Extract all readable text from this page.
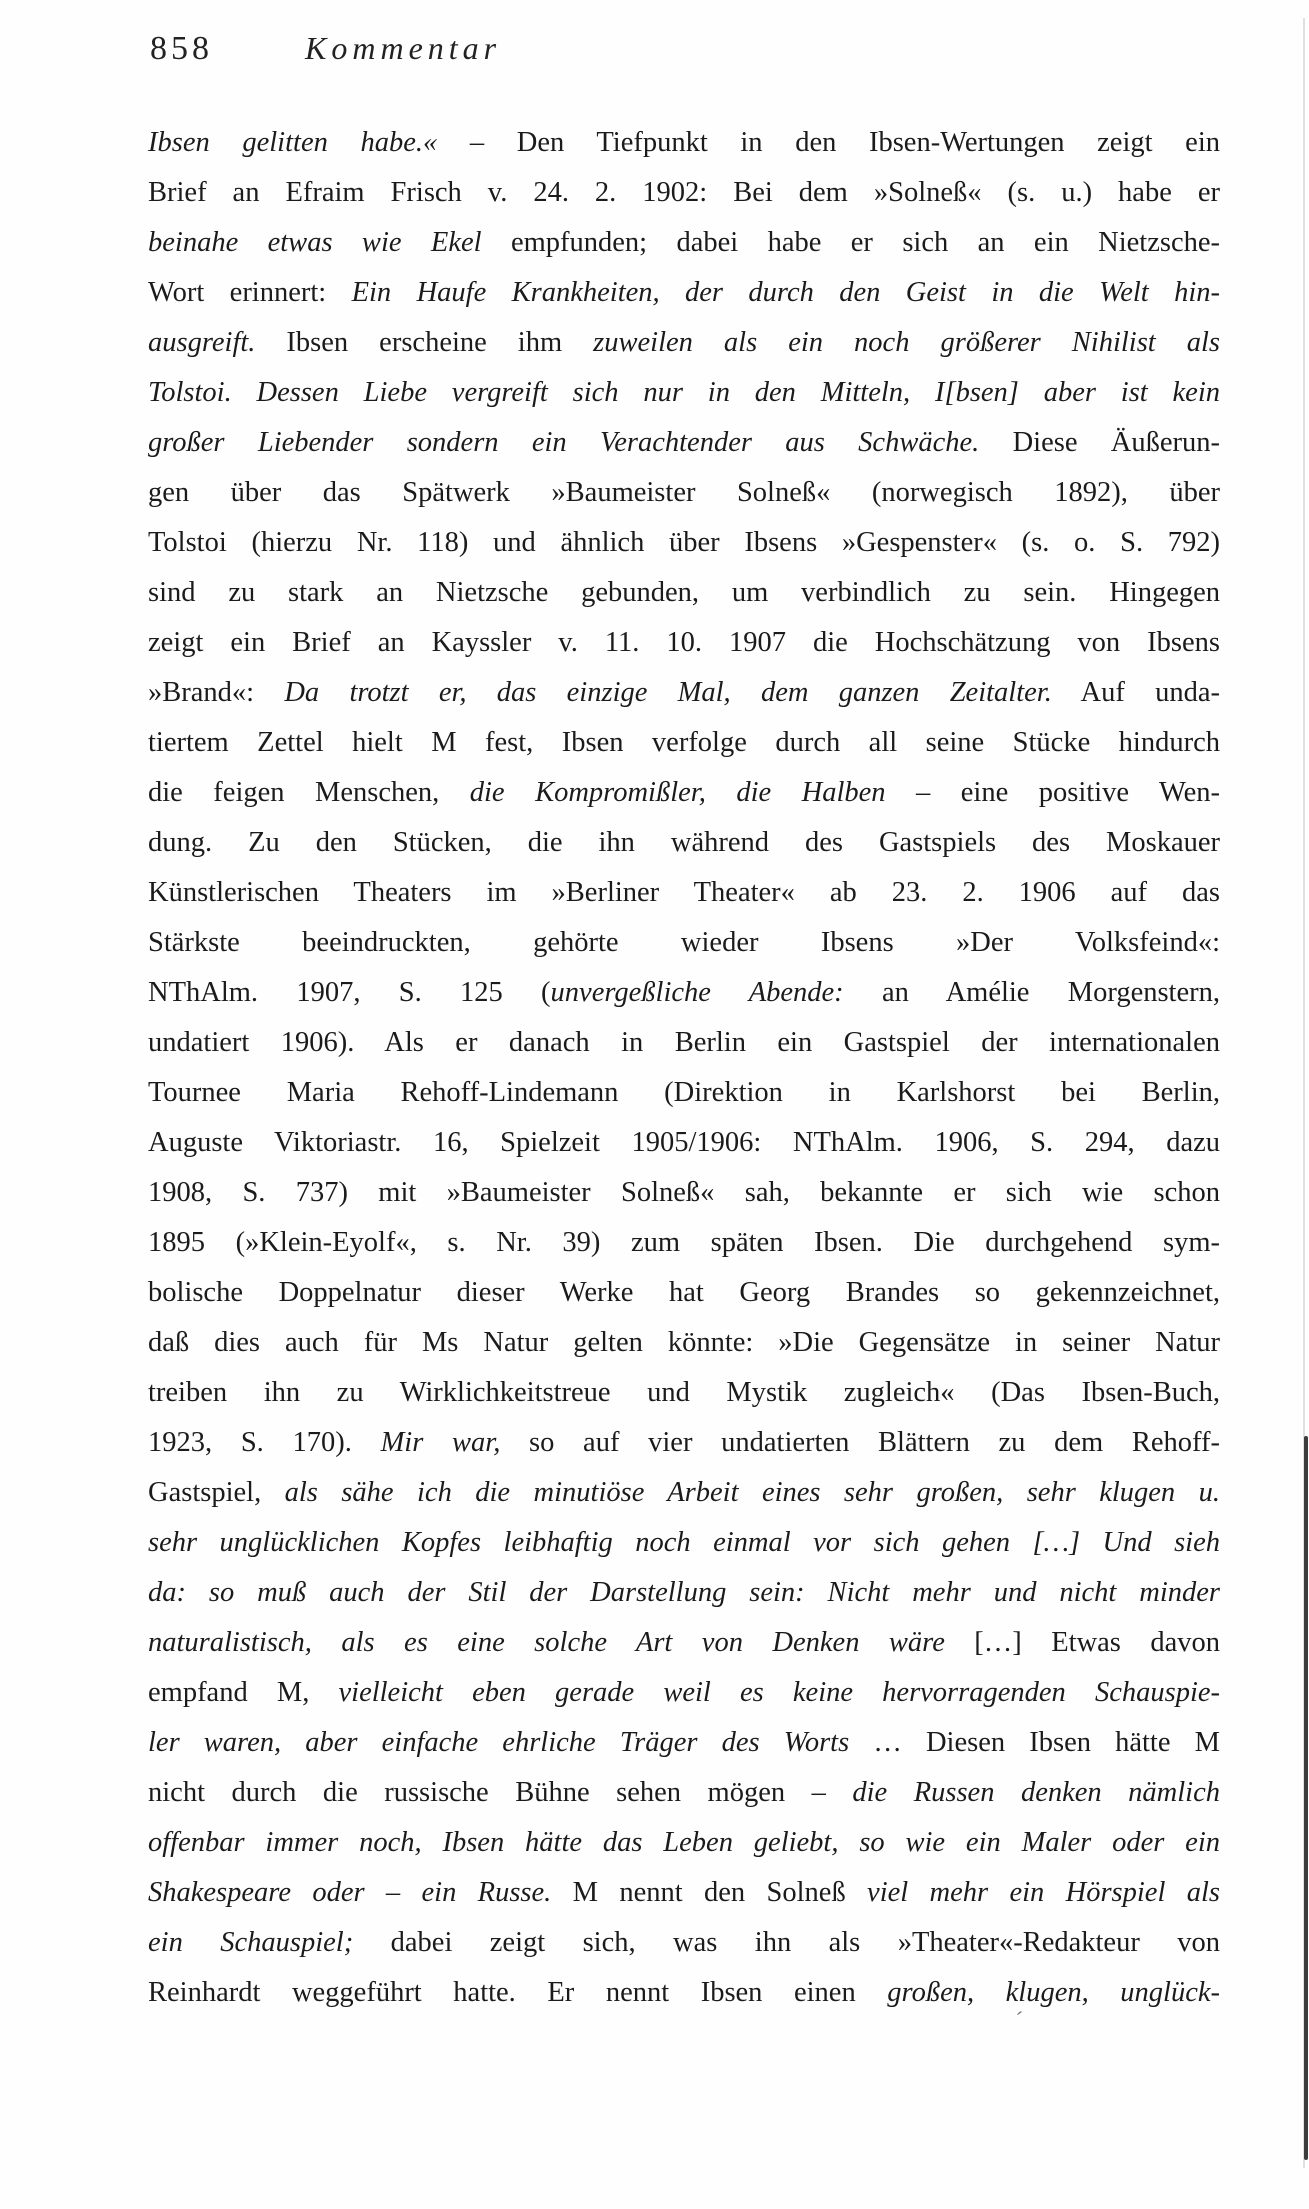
858	Kommentar
Ibsen gelitten habe.« – Den Tiefpunkt in den Ibsen-Wertungen zeigt ein
Brief an Efraim Frisch v. 24. 2. 1902: Bei dem »Solneß« (s. u.) habe er
beinahe etwas wie Ekel empfunden; dabei habe er sich an ein Nietzsche-
Wort erinnert: Ein Haufe Krankheiten, der durch den Geist in die Welt hin-
ausgreift. Ibsen erscheine ihm zuweilen als ein noch größerer Nihilist als
Tolstoi. Dessen Liebe vergreift sich nur in den Mitteln, I[bsen] aber ist kein
großer Liebender sondern ein Verachtender aus Schwäche. Diese Äußerun-
gen über das Spätwerk »Baumeister Solneß« (norwegisch 1892), über
Tolstoi (hierzu Nr. 118) und ähnlich über Ibsens »Gespenster« (s. o. S. 792)
sind zu stark an Nietzsche gebunden, um verbindlich zu sein. Hingegen
zeigt ein Brief an Kayssler v. 11. 10. 1907 die Hochschätzung von Ibsens
»Brand«: Da trotzt er, das einzige Mal, dem ganzen Zeitalter. Auf unda-
tiertem Zettel hielt M fest, Ibsen verfolge durch all seine Stücke hindurch
die feigen Menschen, die Kompromißler, die Halben – eine positive Wen-
dung. Zu den Stücken, die ihn während des Gastspiels des Moskauer
Künstlerischen Theaters im »Berliner Theater« ab 23. 2. 1906 auf das
Stärkste beeindruckten, gehörte wieder Ibsens »Der Volksfeind«:
NThAlm. 1907, S. 125 (unvergeßliche Abende: an Amélie Morgenstern,
undatiert 1906). Als er danach in Berlin ein Gastspiel der internationalen
Tournee Maria Rehoff-Lindemann (Direktion in Karlshorst bei Berlin,
Auguste Viktoriastr. 16, Spielzeit 1905/1906: NThAlm. 1906, S. 294, dazu
1908, S. 737) mit »Baumeister Solneß« sah, bekannte er sich wie schon
1895 (»Klein-Eyolf«, s. Nr. 39) zum späten Ibsen. Die durchgehend sym-
bolische Doppelnatur dieser Werke hat Georg Brandes so gekennzeichnet,
daß dies auch für Ms Natur gelten könnte: »Die Gegensätze in seiner Natur
treiben ihn zu Wirklichkeitstreue und Mystik zugleich« (Das Ibsen-Buch,
1923, S. 170). Mir war, so auf vier undatierten Blättern zu dem Rehoff-
Gastspiel, als sähe ich die minutiöse Arbeit eines sehr großen, sehr klugen u.
sehr unglücklichen Kopfes leibhaftig noch einmal vor sich gehen […] Und sieh
da: so muß auch der Stil der Darstellung sein: Nicht mehr und nicht minder
naturalistisch, als es eine solche Art von Denken wäre […] Etwas davon
empfand M, vielleicht eben gerade weil es keine hervorragenden Schauspie-
ler waren, aber einfache ehrliche Träger des Worts … Diesen Ibsen hätte M
nicht durch die russische Bühne sehen mögen – die Russen denken nämlich
offenbar immer noch, Ibsen hätte das Leben geliebt, so wie ein Maler oder ein
Shakespeare oder – ein Russe. M nennt den Solneß viel mehr ein Hörspiel als
ein Schauspiel; dabei zeigt sich, was ihn als »Theater«-Redakteur von
Reinhardt weggeführt hatte. Er nennt Ibsen einen großen, klugen, unglück-
´
